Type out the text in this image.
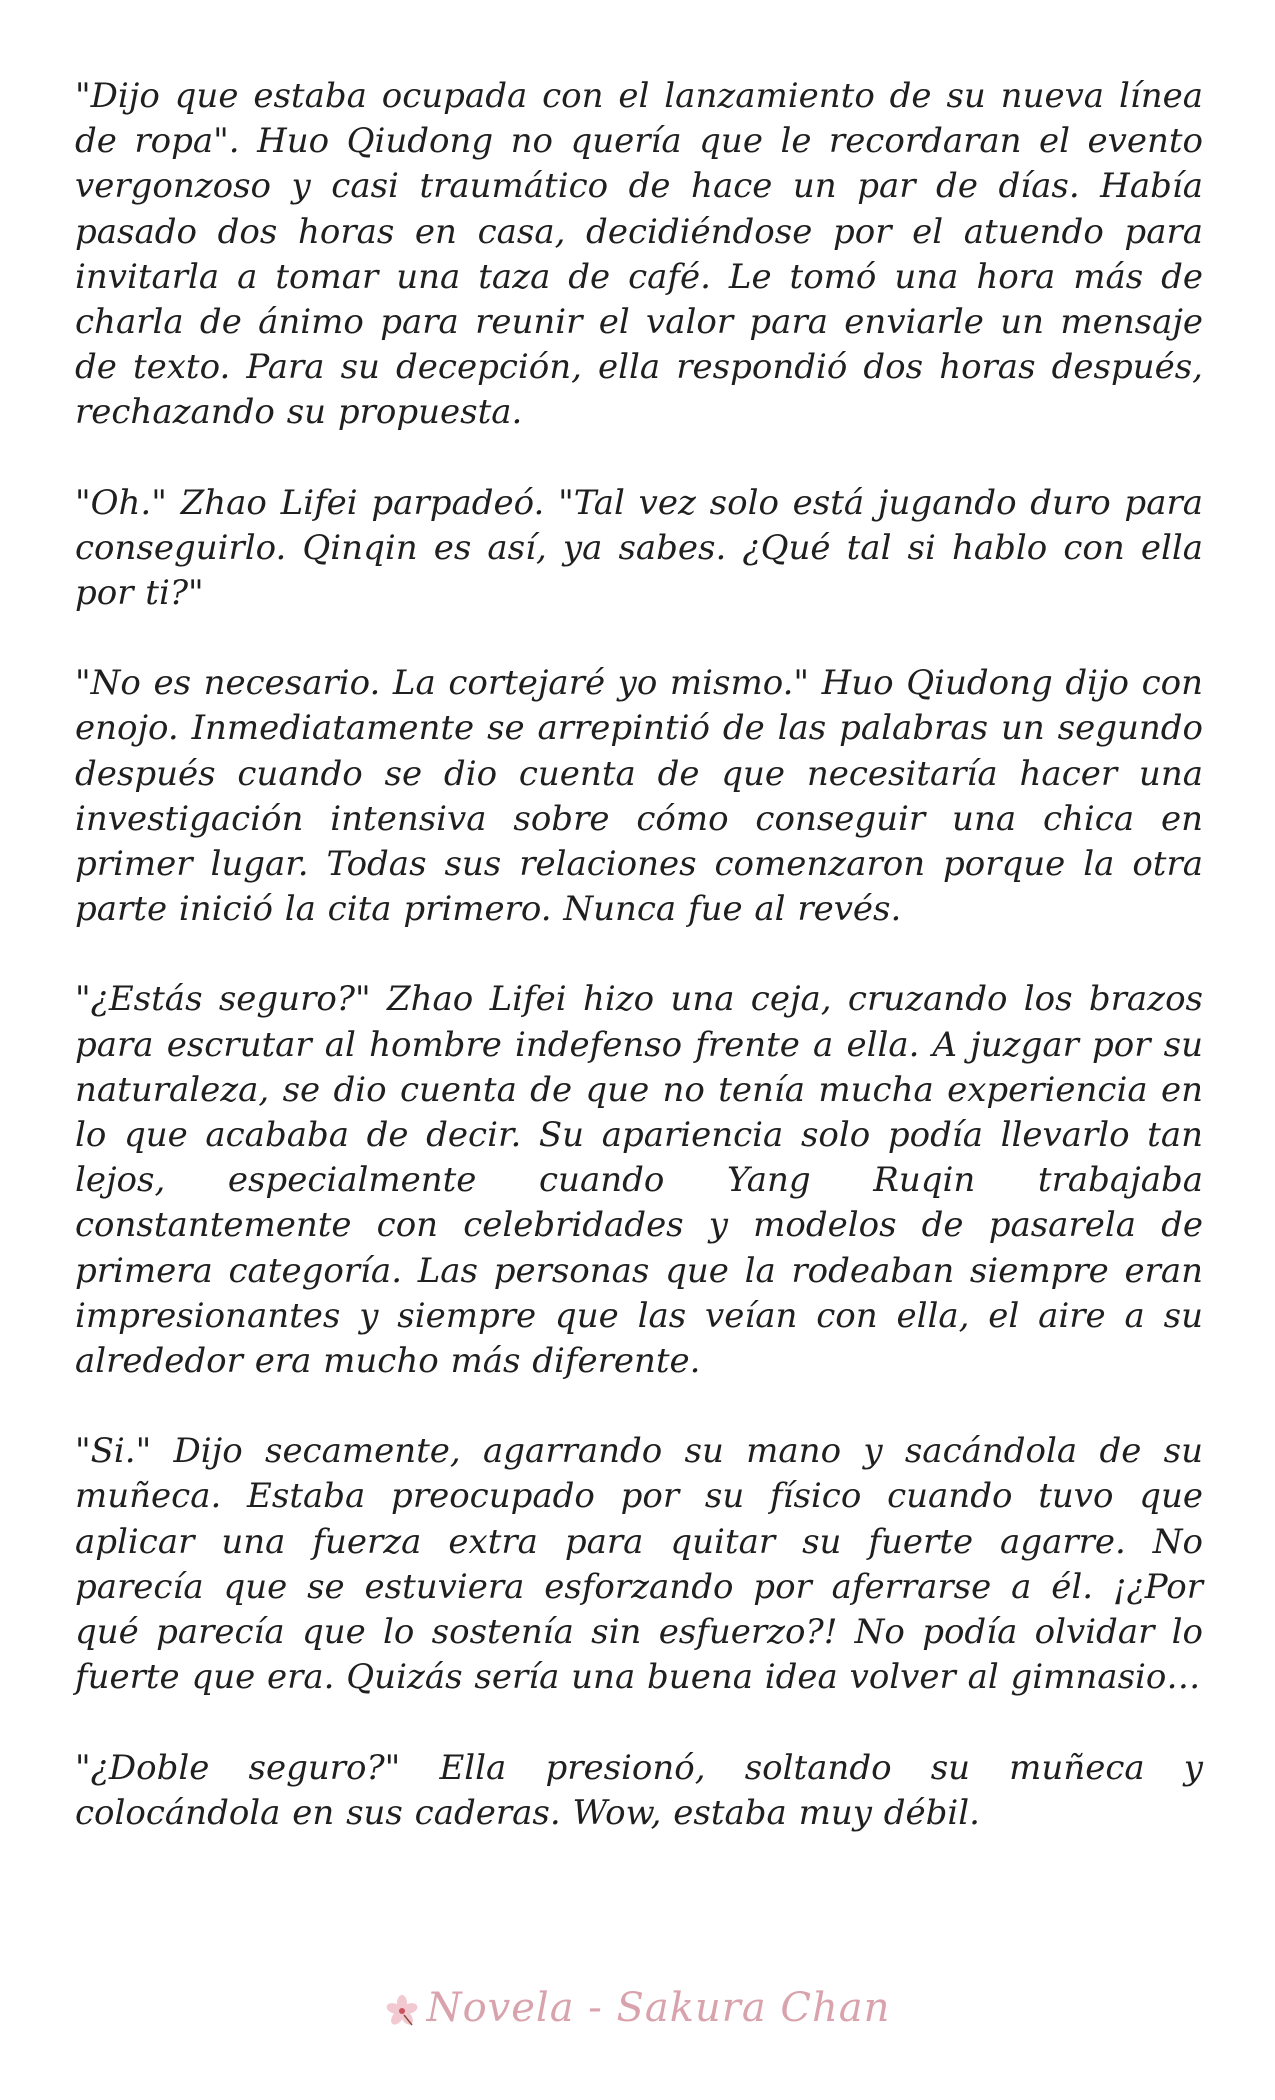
"Dijo que estaba ocupada con el lanzamiento de su nueva línea de ropa". Huo Qiudong no quería que le recordaran el evento vergonzoso y casi traumático de hace un par de días. Había pasado dos horas en casa, decidiéndose por el atuendo para invitarla a tomar una taza de café. Le tomó una hora más de charla de ánimo para reunir el valor para enviarle un mensaje de texto. Para su decepción, ella respondió dos horas después, rechazando su propuesta.

"Oh." Zhao Lifei parpadeó. "Tal vez solo está jugando duro para conseguirlo. Qinqin es así, ya sabes. ¿Qué tal si hablo con ella por ti?"

"No es necesario. La cortejaré yo mismo." Huo Qiudong dijo con enojo. Inmediatamente se arrepintió de las palabras un segundo después cuando se dio cuenta de que necesitaría hacer una investigación intensiva sobre cómo conseguir una chica en primer lugar. Todas sus relaciones comenzaron porque la otra parte inició la cita primero. Nunca fue al revés.

"¿Estás seguro?" Zhao Lifei hizo una ceja, cruzando los brazos para escrutar al hombre indefenso frente a ella. A juzgar por su naturaleza, se dio cuenta de que no tenía mucha experiencia en lo que acababa de decir. Su apariencia solo podía llevarlo tan lejos, especialmente cuando Yang Ruqin trabajaba constantemente con celebridades y modelos de pasarela de primera categoría. Las personas que la rodeaban siempre eran impresionantes y siempre que las veían con ella, el aire a su alrededor era mucho más diferente.

"Si." Dijo secamente, agarrando su mano y sacándola de su muñeca. Estaba preocupado por su físico cuando tuvo que aplicar una fuerza extra para quitar su fuerte agarre. No parecía que se estuviera esforzando por aferrarse a él. ¡¿Por qué parecía que lo sostenía sin esfuerzo?! No podía olvidar lo fuerte que era. Quizás sería una buena idea volver al gimnasio…

"¿Doble seguro?" Ella presionó, soltando su muñeca y colocándola en sus caderas. Wow, estaba muy débil.

Novela - Sakura Chan
